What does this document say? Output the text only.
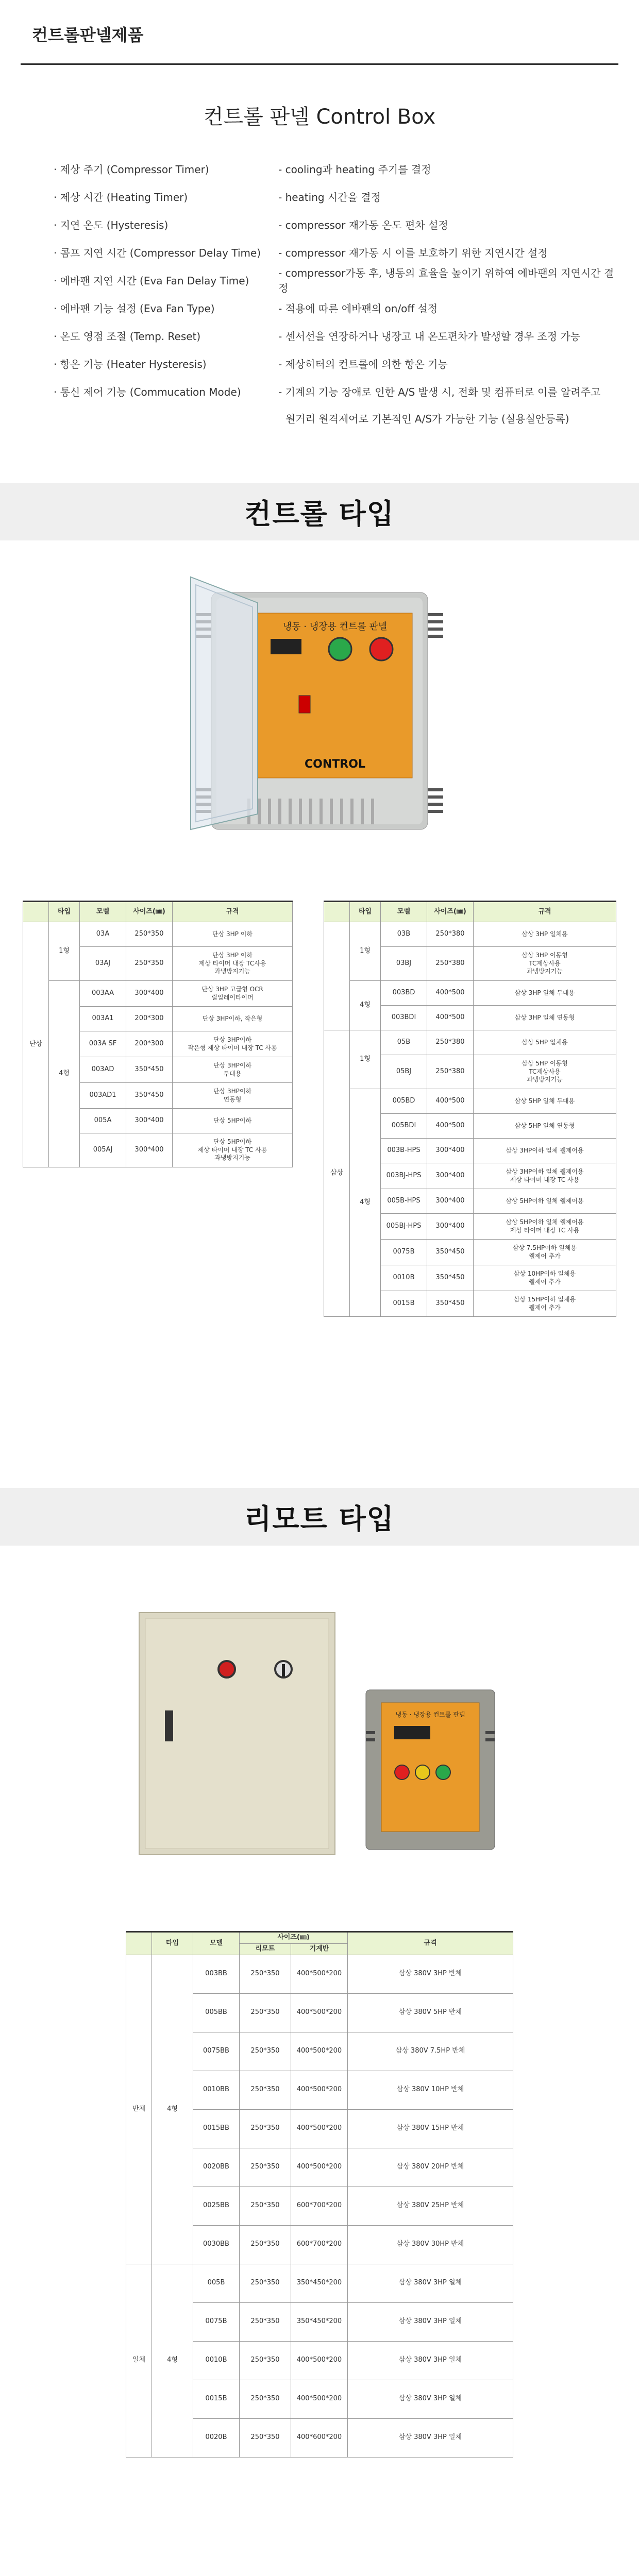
컨트롤판넬제품
컨트롤 판넬 Control Box
· 제상 주기 (Compressor Timer)	- cooling과 heating 주기를 결정
· 제상 시간 (Heating Timer)	- heating 시간을 결정
· 지연 온도 (Hysteresis)	- compressor 재가동 온도 편차 설정
· 콤프 지연 시간 (Compressor Delay Time)	- compressor 재가동 시 이를 보호하기 위한 지연시간 설정
· 에바팬 지연 시간 (Eva Fan Delay Time)
- compressor가동 후, 냉동의 효율을 높이기 위하여 에바팬의 지연시간 결정
· 에바팬 기능 설정 (Eva Fan Type)	- 적용에 따른 에바팬의 on/off 설정
· 온도 영점 조절 (Temp. Reset)	- 센서선을 연장하거나 냉장고 내 온도편차가 발생할 경우 조정 가능
· 항온 기능 (Heater Hysteresis)	- 제상히터의 컨트롤에 의한 항온 기능
· 통신 제어 기능 (Commucation Mode)	- 기계의 기능 장애로 인한 A/S 발생 시, 전화 및 컴퓨터로 이를 알려주고
원거리 원격제어로 기본적인 A/S가 가능한 기능 (실용실안등록)
컨트롤 타입
냉동 · 냉장용 컨트롤 판넬
CONTROL
	타입	모델	사이즈(㎜)	규격
단상	1형	03A	250*350	단상 3HP 이하
		03AJ	250*350	단상 3HP 이하
제상 타이머 내장 TC사용
과냉방지기능
	4형	003AA	300*400	단상 3HP 고급형 OCR
릴일레이타이머
		003A1	200*300	단상 3HP이하, 작은형
		003A SF	200*300	단상 3HP이하
작은형 제상 타이머 내장 TC 사용
		003AD	350*450	단상 3HP이하
두대용
		003AD1	350*450	단상 3HP이하
연동형
		005A	300*400	단상 5HP이하
		005AJ	300*400	단상 5HP이하
제상 타이머 내장 TC 사용
과냉방지기능
	타입	모델	사이즈(㎜)	규격
	1형	03B	250*380	삼상 3HP 일체용
		03BJ	250*380	삼상 3HP 이동형
TC제상사용
과냉방지기능
	4형	003BD	400*500	삼상 3HP 일체 두대용
		003BDI	400*500	삼상 3HP 일체 연동형
삼상	1형	05B	250*380	삼상 5HP 일체용
		05BJ	250*380	삼상 5HP 이동형
TC제상사용
과냉방지기능
	4형	005BD	400*500	삼상 5HP 일체 두대용
		005BDI	400*500	삼상 5HP 일체 연동형
		003B-HPS	300*400	삼상 3HP이하 일체 웰제어용
		003BJ-HPS	300*400	삼상 3HP이하 일체 웰제어용
제상 타이머 내장 TC 사용
		005B-HPS	300*400	삼상 5HP이하 일체 웰제어용
		005BJ-HPS	300*400	삼상 5HP이하 일체 웰제어용
제상 타이머 내장 TC 사용
		0075B	350*450	삼상 7.5HP이하 일체용
웰제어 추가
		0010B	350*450	삼상 10HP이하 일체용
웰제어 추가
		0015B	350*450	삼상 15HP이하 일체용
웰제어 추가
리모트 타입
냉동 · 냉장용 컨트롤 판넬
	타입	모델	사이즈(㎜)		규격
			리모트	기계반	
반체	4형	003BB	250*350	400*500*200	삼상 380V 3HP 반체
		005BB	250*350	400*500*200	삼상 380V 5HP 반체
		0075BB	250*350	400*500*200	삼상 380V 7.5HP 반체
		0010BB	250*350	400*500*200	삼상 380V 10HP 반체
		0015BB	250*350	400*500*200	삼상 380V 15HP 반체
		0020BB	250*350	400*500*200	삼상 380V 20HP 반체
		0025BB	250*350	600*700*200	삼상 380V 25HP 반체
		0030BB	250*350	600*700*200	삼상 380V 30HP 반체
일체	4형	005B	250*350	350*450*200	삼상 380V 3HP 일체
		0075B	250*350	350*450*200	삼상 380V 3HP 일체
		0010B	250*350	400*500*200	삼상 380V 3HP 일체
		0015B	250*350	400*500*200	삼상 380V 3HP 일체
		0020B	250*350	400*600*200	삼상 380V 3HP 일체
